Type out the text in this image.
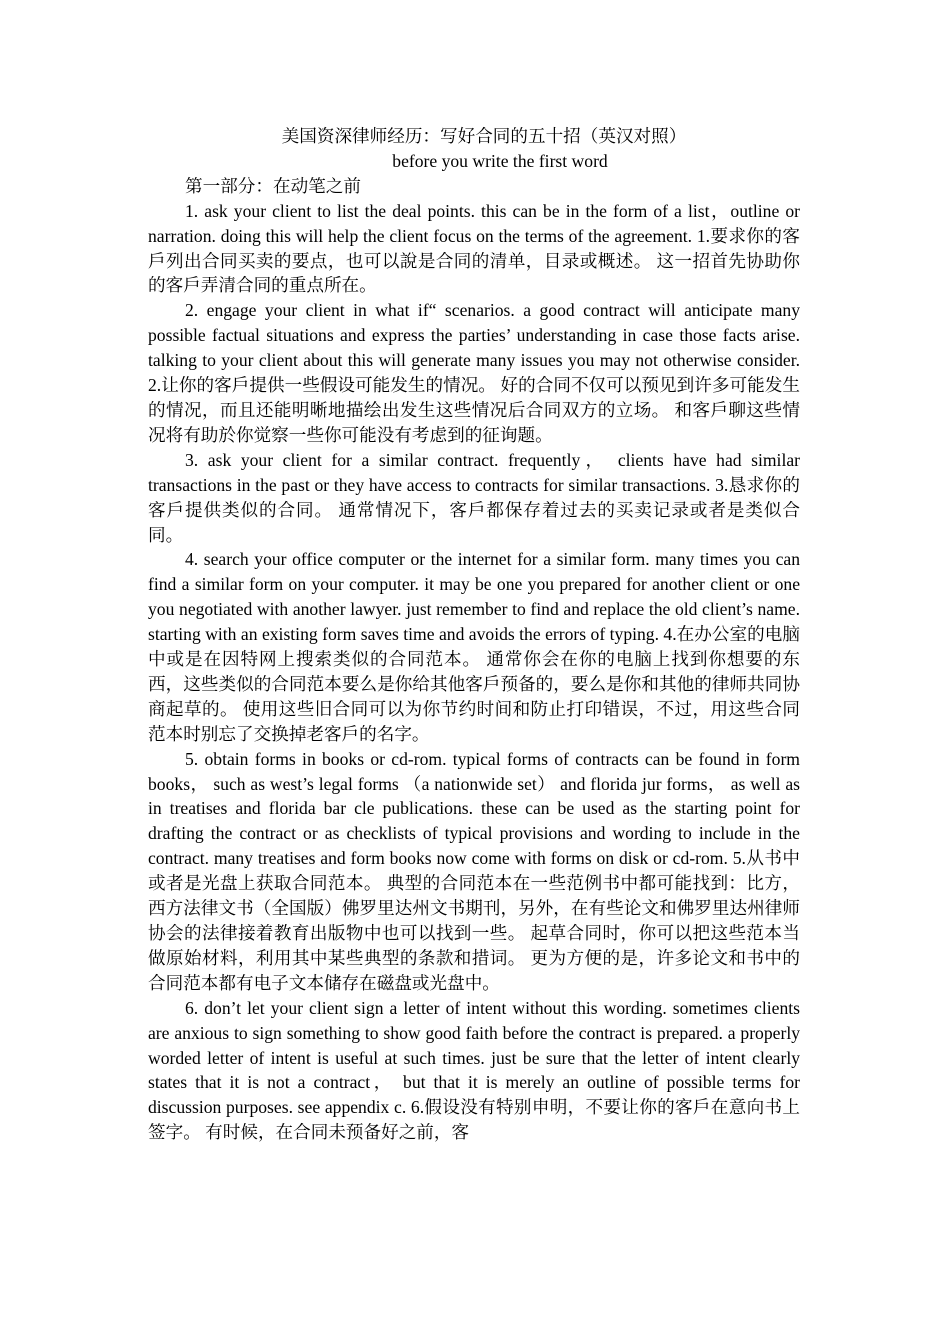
美国资深律师经历：写好合同的五十招（英汉对照）

before you write the first word

第一部分：在动笔之前

1. ask your client to list the deal points. this can be in the form of a list，outline or narration. doing this will help the client focus on the terms of the agreement. 1.要求你的客戶列出合同买卖的要点，也可以說是合同的清单，目录或概述。 这一招首先协助你的客戶弄清合同的重点所在。

2. engage your client in what if“ scenarios. a good contract will anticipate many possible factual situations and express the parties’ understanding in case those facts arise. talking to your client about this will generate many issues you may not otherwise consider. 2.让你的客戶提供一些假设可能发生的情况。 好的合同不仅可以预见到许多可能发生的情况，而且还能明晰地描绘出发生这些情况后合同双方的立场。 和客戶聊这些情况将有助於你觉察一些你可能没有考虑到的征询题。

3. ask your client for a similar contract. frequently， clients have had similar transactions in the past or they have access to contracts for similar transactions. 3.恳求你的客戶提供类似的合同。 通常情况下，客戶都保存着过去的买卖记录或者是类似合同。

4. search your office computer or the internet for a similar form. many times you can find a similar form on your computer. it may be one you prepared for another client or one you negotiated with another lawyer. just remember to find and replace the old client’s name. starting with an existing form saves time and avoids the errors of typing. 4.在办公室的电脑中或是在因特网上搜索类似的合同范本。 通常你会在你的电脑上找到你想要的东西，这些类似的合同范本要么是你给其他客戶预备的，要么是你和其他的律师共同协商起草的。 使用这些旧合同可以为你节约时间和防止打印错误，不过，用这些合同范本时别忘了交换掉老客戶的名字。

5. obtain forms in books or cd-rom. typical forms of contracts can be found in form books， such as west’s legal forms （a nationwide set） and florida jur forms， as well as in treatises and florida bar cle publications. these can be used as the starting point for drafting the contract or as checklists of typical provisions and wording to include in the contract. many treatises and form books now come with forms on disk or cd-rom. 5.从书中或者是光盘上获取合同范本。 典型的合同范本在一些范例书中都可能找到：比方，西方法律文书（全国版）佛罗里达州文书期刊，另外，在有些论文和佛罗里达州律师协会的法律接着教育出版物中也可以找到一些。 起草合同时，你可以把这些范本当做原始材料，利用其中某些典型的条款和措词。 更为方便的是，许多论文和书中的合同范本都有电子文本储存在磁盘或光盘中。

6. don’t let your client sign a letter of intent without this wording. sometimes clients are anxious to sign something to show good faith before the contract is prepared. a properly worded letter of intent is useful at such times. just be sure that the letter of intent clearly states that it is not a contract， but that it is merely an outline of possible terms for discussion purposes. see appendix c. 6.假设没有特别申明，不要让你的客戶在意向书上签字。 有时候，在合同未预备好之前，客
